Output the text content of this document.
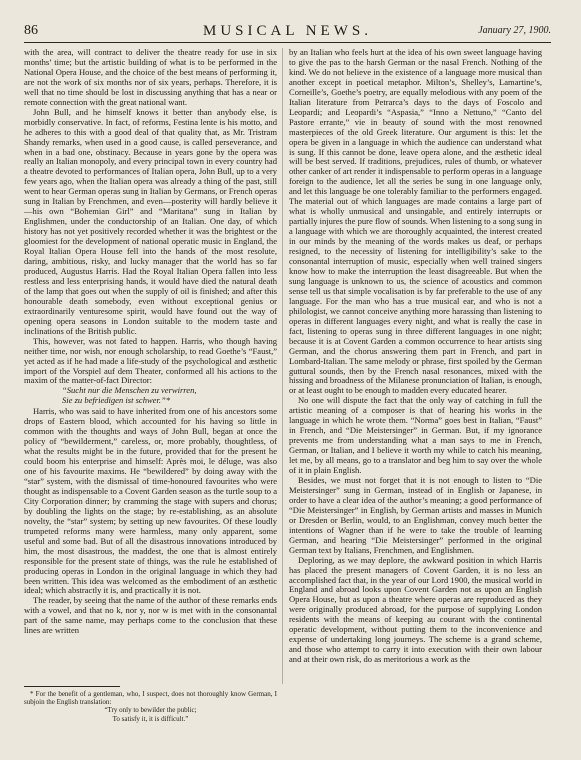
86	MUSICAL NEWS.	January 27, 1900.

with the area, will contract to deliver the theatre ready for use in six months’ time; but the artistic building of what is to be performed in the National Opera House, and the choice of the best means of performing it, are not the work of six months nor of six years, perhaps. Therefore, it is well that no time should be lost in discussing anything that has a near or remote connection with the great national want.

John Bull, and he himself knows it better than anybody else, is morbidly conservative. In fact, of reforms, Festina lente is his motto, and he adheres to this with a good deal of that quality that, as Mr. Tristram Shandy remarks, when used in a good cause, is called perseverance, and when in a bad one, obstinacy. Because in years gone by the opera was really an Italian monopoly, and every principal town in every country had a theatre devoted to performances of Italian opera, John Bull, up to a very few years ago, when the Italian opera was already a thing of the past, still went to hear German operas sung in Italian by Germans, or French operas sung in Italian by Frenchmen, and even—posterity will hardly believe it—his own “Bohemian Girl” and “Maritana” sung in Italian by Englishmen, under the conductorship of an Italian. One day, of which history has not yet positively recorded whether it was the brightest or the gloomiest for the development of national operatic music in England, the Royal Italian Opera House fell into the hands of the most resolute, daring, ambitious, risky, and lucky manager that the world has so far produced, Augustus Harris. Had the Royal Italian Opera fallen into less restless and less enterprising hands, it would have died the natural death of the lamp that goes out when the supply of oil is finished; and after this honourable death somebody, even without exceptional genius or extraordinarily venturesome spirit, would have found out the way of opening opera seasons in London suitable to the modern taste and inclinations of the British public.

This, however, was not fated to happen. Harris, who though having neither time, nor wish, nor enough scholarship, to read Goethe’s “Faust,” yet acted as if he had made a life-study of the psychological and æsthetic import of the Vorspiel auf dem Theater, conformed all his actions to the maxim of the matter-of-fact Director:

“Sucht nur die Menschen zu verwirren,

Sie zu befriedigen ist schwer.”*

Harris, who was said to have inherited from one of his ancestors some drops of Eastern blood, which accounted for his having so little in common with the thoughts and ways of John Bull, began at once the policy of “bewilderment,” careless, or, more probably, thoughtless, of what the results might be in the future, provided that for the present he could boom his enterprise and himself: Après moi, le déluge, was also one of his favourite maxims. He “bewildered” by doing away with the “star” system, with the dismissal of time-honoured favourites who were thought as indispensable to a Covent Garden season as the turtle soup to a City Corporation dinner; by cramming the stage with supers and chorus; by doubling the lights on the stage; by re-establishing, as an absolute novelty, the “star” system; by setting up new favourites. Of these loudly trumpeted reforms many were harmless, many only apparent, some useful and some bad. But of all the disastrous innovations introduced by him, the most disastrous, the maddest, the one that is almost entirely responsible for the present state of things, was the rule he established of producing operas in London in the original language in which they had been written. This idea was welcomed as the embodiment of an æsthetic ideal; which abstractly it is, and practically it is not.

The reader, by seeing that the name of the author of these remarks ends with a vowel, and that no k, nor y, nor w is met with in the consonantal part of the same name, may perhaps come to the conclusion that these lines are written

* For the benefit of a gentleman, who, I suspect, does not thoroughly know German, I subjoin the English translation:

“Try only to bewilder the public;

To satisfy it, it is difficult.”

by an Italian who feels hurt at the idea of his own sweet language having to give the pas to the harsh German or the nasal French. Nothing of the kind. We do not believe in the existence of a language more musical than another except in poetical metaphor. Milton’s, Shelley’s, Lamartine’s, Corneille’s, Goethe’s poetry, are equally melodious with any poem of the Italian literature from Petrarca’s days to the days of Foscolo and Leopardi; and Leopardi’s “Aspasia,” “Inno a Nettuno,” “Canto del Pastore errante,” vie in beauty of sound with the most renowned masterpieces of the old Greek literature. Our argument is this: let the opera be given in a language in which the audience can understand what is sung. If this cannot be done, leave opera alone, and the æsthetic ideal will be best served. If traditions, prejudices, rules of thumb, or whatever other canker of art render it indispensable to perform operas in a language foreign to the audience, let all the series be sung in one language only, and let this language be one tolerably familiar to the performers engaged. The material out of which languages are made contains a large part of what is wholly unmusical and unsingable, and entirely interrupts or partially injures the pure flow of sounds. When listening to a song sung in a language with which we are thoroughly acquainted, the interest created in our minds by the meaning of the words makes us deaf, or perhaps resigned, to the necessity of listening for intelligibility’s sake to the consonantal interruption of music, especially when well trained singers know how to make the interruption the least disagreeable. But when the sung language is unknown to us, the science of acoustics and common sense tell us that simple vocalisation is by far preferable to the use of any language. For the man who has a true musical ear, and who is not a philologist, we cannot conceive anything more harassing than listening to operas in different languages every night, and what is really the case in fact, listening to operas sung in three different languages in one night; because it is at Covent Garden a common occurrence to hear artists sing German, and the chorus answering them part in French, and part in Lombard-Italian. The same melody or phrase, first spoiled by the German guttural sounds, then by the French nasal resonances, mixed with the hissing and broadness of the Milanese pronunciation of Italian, is enough, or at least ought to be enough to madden every educated hearer.

No one will dispute the fact that the only way of catching in full the artistic meaning of a composer is that of hearing his works in the language in which he wrote them. “Norma” goes best in Italian, “Faust” in French, and “Die Meistersinger” in German. But, if my ignorance prevents me from understanding what a man says to me in French, German, or Italian, and I believe it worth my while to catch his meaning, let me, by all means, go to a translator and beg him to say over the whole of it in plain English.

Besides, we must not forget that it is not enough to listen to “Die Meistersinger” sung in German, instead of in English or Japanese, in order to have a clear idea of the author’s meaning; a good performance of “Die Meistersinger” in English, by German artists and masses in Munich or Dresden or Berlin, would, to an Englishman, convey much better the intentions of Wagner than if he were to take the trouble of learning German, and hearing “Die Meistersinger” performed in the original German text by Italians, Frenchmen, and Englishmen.

Deploring, as we may deplore, the awkward position in which Harris has placed the present managers of Covent Garden, it is no less an accomplished fact that, in the year of our Lord 1900, the musical world in England and abroad looks upon Covent Garden not as upon an English Opera House, but as upon a theatre where operas are reproduced as they were originally produced abroad, for the purpose of supplying London residents with the means of keeping au courant with the continental operatic development, without putting them to the inconvenience and expense of undertaking long journeys. The scheme is a grand scheme, and those who attempt to carry it into execution with their own labour and at their own risk, do as meritorious a work as the
